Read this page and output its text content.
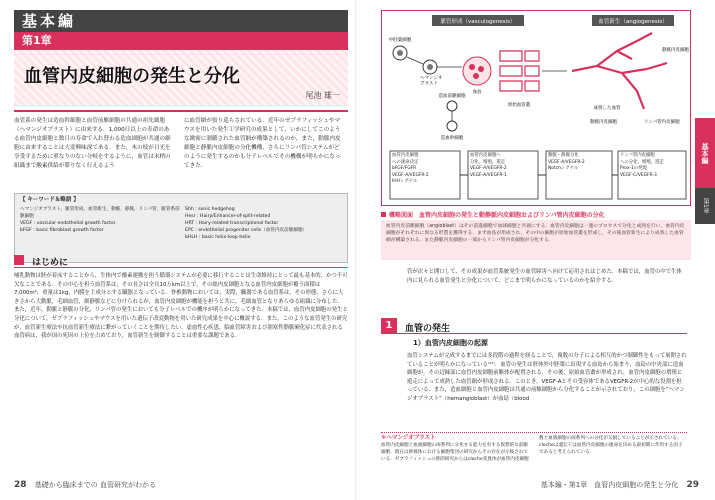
基本編
第1章
血管内皮細胞の発生と分化
尾池 雄一
血管系の発生は造血幹細胞と血管前駆細胞の共通の祖先細胞（ヘマンジオブラスト）に由来する．1,000日以上の寿命のある血管内皮細胞と数日の寿命で入れ替わる造血細胞が共通の細胞に由来することは大変興味深である．また，木の枝が日光を享受するために重なりのない分岐をするように，血管は末梢の組織まで酸素供給が滞りなく行えるよう
に血管網が張り巡らされている．近年のゼブラフィッシュやマウスを用いた発生工学研究の成果として，いかにしてこのような緻密に制御された血管網が構築されるのか，また，動脈内皮細胞と静脈内皮細胞の分化機構，さらにリンパ管システムがどのように発生するのかも分子レベルでその機構が明らかになってきた．
【 キーワード＆略語 】
ヘマンジオブラスト，脈管形成，血管新生，動脈，静脈，リンパ管，脈管系前駆細胞
VEGF : vascular endothelial growth factor
bFGF : basic fibroblast growth factor
Shh : sonic hedgehog
Hesr : Hairy/Enhancer-of-split-related
HRT : Hairy-related transcriptional factor
EPC : endothelial progenitor cells（血管内皮前駆細胞）
bHLH : basic helix-loop-helix
はじめに
哺乳動物は胚が着床することから，生体内で酸素運搬を担う循環システムが必要に移行することは生命維持にとって最も基本的，かつ不可欠なことである．その中心を担う血管系は，その長さは全長10万km以上で，その総内皮細胞となる血管内皮細胞が覆う面積は7,000m²，重量は1kg，内膜を主成分とする臓器となっている．脊椎動物においては，実際，臓器である血管系は，その形態，さらに大きさから大動脈，毛細血管，細静脈などに分けられるが，血管内皮細胞が機能を担うと共に，毛細血管となりあらゆる組織に分布した．また，近年，動脈と静脈の分化，リンパ管の発生においても分子レベルでの機序が明らかになってきた．本稿では，血管内皮細胞の発生と分化について，ゼブラフィッシュやマウスを用いた遺伝子改変動物を用いた研究成果を中心に概説する．また，このような血管発生の研究が，血管新生療法や抗血管新生療法に繋がっていくことを期待したい．虚血性心疾患，脳血管障害および閉塞性動脈硬化症に代表される血管病は，我が国の死因の上位を占めており，血管新生を制御することは重要な課題である．
28 基礎から臨床までの 血管研究がわかる
脈管形成（vasculogenesis）	血管新生（angiogenesis）
中胚葉細胞
ヘマンジオブラスト
血島
造血前駆細胞
造血幹細胞
原始血管叢
成熟した血管
静脈内皮細胞
リンパ管内皮細胞
動脈内皮細胞
血管内皮細胞
への運命決定
bFGF/FGFR
VEGF-A/VEGFR-2
IHHシグナル
血管内皮細胞へ
分化，増殖，遊走
VEGF-A/VEGFR-2
VEGF-A/VEGFR-1
動脈・静脈分化
VEGF-A/VEGFR-2
Notchシグナル
リンパ管内皮細胞
への分化，増殖，遊走
Prox-1の発現
VEGF-C/VEGFR-3
概略図面　血管内皮細胞の発生と動静脈内皮細胞およびリンパ管内皮細胞の分化
血管内皮前駆細胞（angioblast）はその前進細胞で血球細胞と共通にする．血管内皮細胞は一連のプロセスで分化と成熟を行い，血管内皮細胞がそれぞれに異なる形質を獲得する．まず血島が形成され，その中の細胞が原始血管叢を形成し，その後血管新生により成熟した血管網が構築される．また静脈内皮細胞の一部からリンパ管内皮細胞が分化する．
基本編
第1章
管が次々と開口して，その成果が血管系統発生の血管障害へ向けて応用されはじめた．本稿では，血管の中で生体内に見られる血管発生と分化について，どこまで明らかになっているのかを紹介する．
1	血管の発生
1）血管内皮細胞の起源
血管システムが完成するまでには多段階の過程を経ることで，複数の分子による相互的かつ制御性をもって展開されていることが明らかになっている¹⁾²⁾．血管の発生は胚体外中胚葉に出現する血島から始まり，血島の中央部に造血細胞が，その辺縁部に血管内皮細胞前駆体が配置される．その後，原始血管叢が形成され，血管内皮細胞の増殖と遊走によって成熟した血管網が形成される．このとき，VEGF-Aとその受容体であるVEGFR-2が中心的な役割を担っている．また，造血細胞と血管内皮細胞は共通の前駆細胞から分化することが示されており，この細胞を“ヘマンジオブラスト”（hemangioblast）が血島（blood
＊ヘマンジオブラスト
血管内皮細胞と血液細胞の両系列に分化する能力を有する仮想的な前駆細胞．現在は胚様体における細胞集団の研究からその存在が示唆されている．ゼブラフィッシュの胚的研究からはcloche変異体が血管内皮細胞
数と血液細胞の両系列への分化が欠損していることが示されている．clocheは遺伝子は血管内皮細胞の運命を決める最初期に作用する因子であると考えられている．
基本編・第1章　血管内皮細胞の発生と分化 29
